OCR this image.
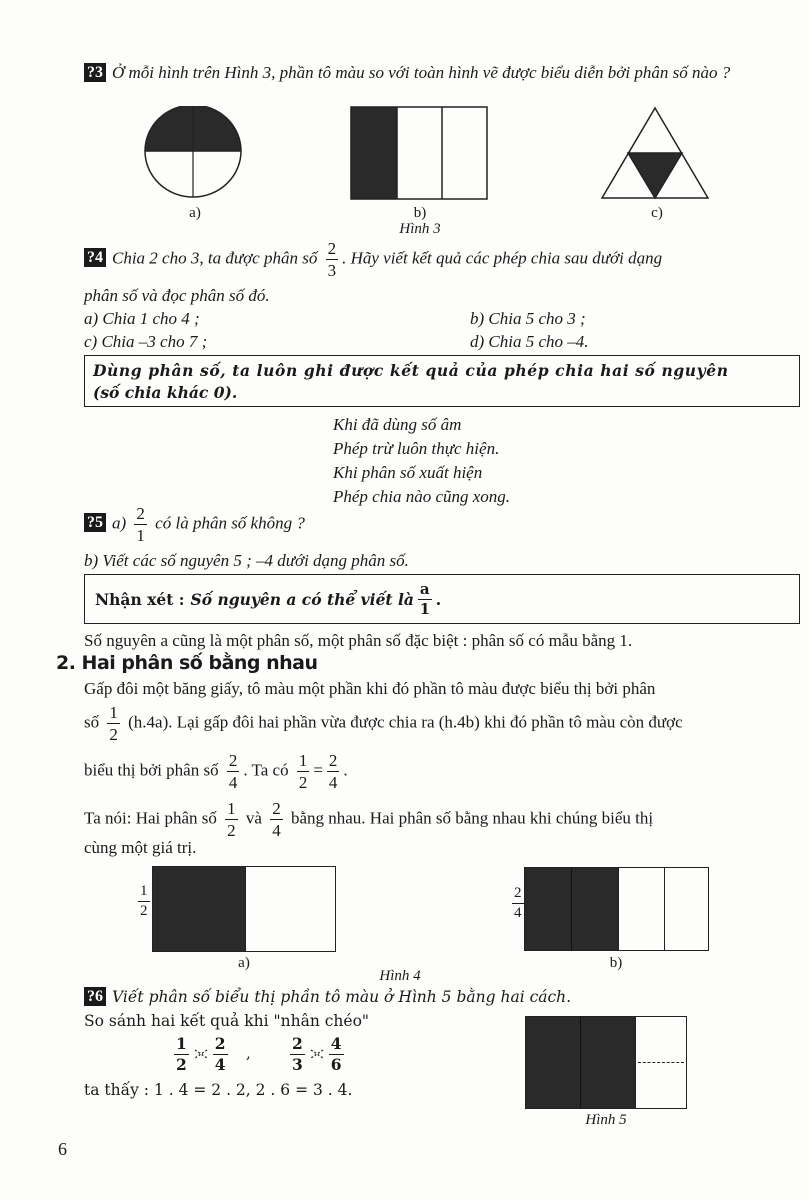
?3 Ở mỗi hình trên Hình 3, phần tô màu so với toàn hình vẽ được biểu diễn bởi phân số nào ?
a)	b)
Hình 3
c)
?4 Chia 2 cho 3, ta được phân số $\frac{2}{3}$ . Hãy viết kết quả các phép chia sau dưới dạng
phân số và đọc phân số đó.
a) Chia 1 cho 4 ;	b) Chia 5 cho 3 ;
c) Chia –3 cho 7 ;	d) Chia 5 cho –4.
Dùng phân số, ta luôn ghi được kết quả của phép chia hai số nguyên
(số chia khác 0).
Khi đã dùng số âm
Phép trừ luôn thực hiện.
Khi phân số xuất hiện
Phép chia nào cũng xong.
?5 $a) \frac{2}{1}$ có là phân số không ?
b) Viết các số nguyên 5 ; –4 dưới dạng phân số.
Nhận xét : Số nguyên a có thể viết là $\frac{a}{1}$ .
Số nguyên a cũng là một phân số, một phân số đặc biệt : phân số có mẫu bằng 1.
2. Hai phân số bằng nhau
Gấp đôi một băng giấy, tô màu một phần khi đó phần tô màu được biểu thị bởi phân
số $\frac{1}{2} (h.4a)$. Lại gấp đôi hai phần vừa được chia ra (h.4b) khi đó phần tô màu còn được
biểu thị bởi phân số $\frac{2}{4}$ . Ta có $\frac{1}{2} = \frac{2}{4}$ .
Ta nói: Hai phân số $\frac{1}{2}$ và $\frac{2}{4}$ bằng nhau. Hai phân số bằng nhau khi chúng biểu thị
cùng một giá trị.
$\frac{1}{2}$
a)
$\frac{2}{4}$
b)
Hình 4
?6 Viết phân số biểu thị phần tô màu ở Hình 5 bằng hai cách.
So sánh hai kết quả khi "nhân chéo"
$\frac{1}{2} \frac{2}{4}$ ,	$\frac{2}{3} \frac{4}{6}$
ta thấy : 1 . 4 = 2 . 2, 2 . 6 = 3 . 4.
Hình 5
6
